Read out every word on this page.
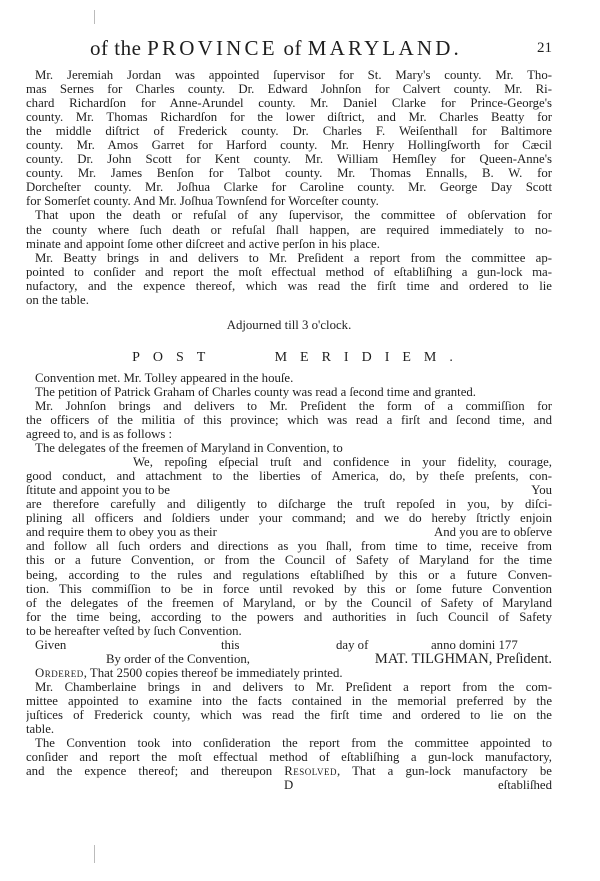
of the PROVINCE of MARYLAND.	21
Mr. Jeremiah Jordan was appointed ſupervisor for St. Mary's county. Mr. Tho-
mas Sernes for Charles county. Dr. Edward Johnſon for Calvert county. Mr. Ri-
chard Richardſon for Anne-Arundel county. Mr. Daniel Clarke for Prince-George's
county. Mr. Thomas Richardſon for the lower diſtrict, and Mr. Charles Beatty for
the middle diſtrict of Frederick county. Dr. Charles F. Weiſenthall for Baltimore
county. Mr. Amos Garret for Harford county. Mr. Henry Hollingſworth for Cæcil
county. Dr. John Scott for Kent county. Mr. William Hemſley for Queen-Anne's
county. Mr. James Benſon for Talbot county. Mr. Thomas Ennalls, B. W. for
Dorcheſter county. Mr. Joſhua Clarke for Caroline county. Mr. George Day Scott
for Somerſet county. And Mr. Joſhua Townſend for Worceſter county.
That upon the death or refuſal of any ſupervisor, the committee of obſervation for
the county where ſuch death or refuſal ſhall happen, are required immediately to no-
minate and appoint ſome other diſcreet and active perſon in his place.
Mr. Beatty brings in and delivers to Mr. Preſident a report from the committee ap-
pointed to conſider and report the moſt effectual method of eſtabliſhing a gun-lock ma-
nufactory, and the expence thereof, which was read the firſt time and ordered to lie
on the table.
Adjourned till 3 o'clock.
POST MERIDIEM.
Convention met. Mr. Tolley appeared in the houſe.
The petition of Patrick Graham of Charles county was read a ſecond time and granted.
Mr. Johnſon brings and delivers to Mr. Preſident the form of a commiſſion for
the officers of the militia of this province; which was read a firſt and ſecond time, and
agreed to, and is as follows :
The delegates of the freemen of Maryland in Convention, to
We, repoſing eſpecial truſt and confidence in your fidelity, courage,
good conduct, and attachment to the liberties of America, do, by theſe preſents, con-
ſtitute and appoint you to be	You
are therefore carefully and diligently to diſcharge the truſt repoſed in you, by diſci-
plining all officers and ſoldiers under your command; and we do hereby ſtrictly enjoin
and require them to obey you as their	And you are to obſerve
and follow all ſuch orders and directions as you ſhall, from time to time, receive from
this or a future Convention, or from the Council of Safety of Maryland for the time
being, according to the rules and regulations eſtabliſhed by this or a future Conven-
tion. This commiſſion to be in force until revoked by this or ſome future Convention
of the delegates of the freemen of Maryland, or by the Council of Safety of Maryland
for the time being, according to the powers and authorities in ſuch Council of Safety
to be hereafter veſted by ſuch Convention.
Given	this	day of	anno domini 177
By order of the Convention,	MAT. TILGHMAN, Preſident.
Ordered, That 2500 copies thereof be immediately printed.
Mr. Chamberlaine brings in and delivers to Mr. Preſident a report from the com-
mittee appointed to examine into the facts contained in the memorial preferred by the
juſtices of Frederick county, which was read the firſt time and ordered to lie on the
table.
The Convention took into conſideration the report from the committee appointed to
conſider and report the moſt effectual method of eſtabliſhing a gun-lock manufactory,
and the expence thereof; and thereupon Resolved, That a gun-lock manufactory be
D	eſtabliſhed
